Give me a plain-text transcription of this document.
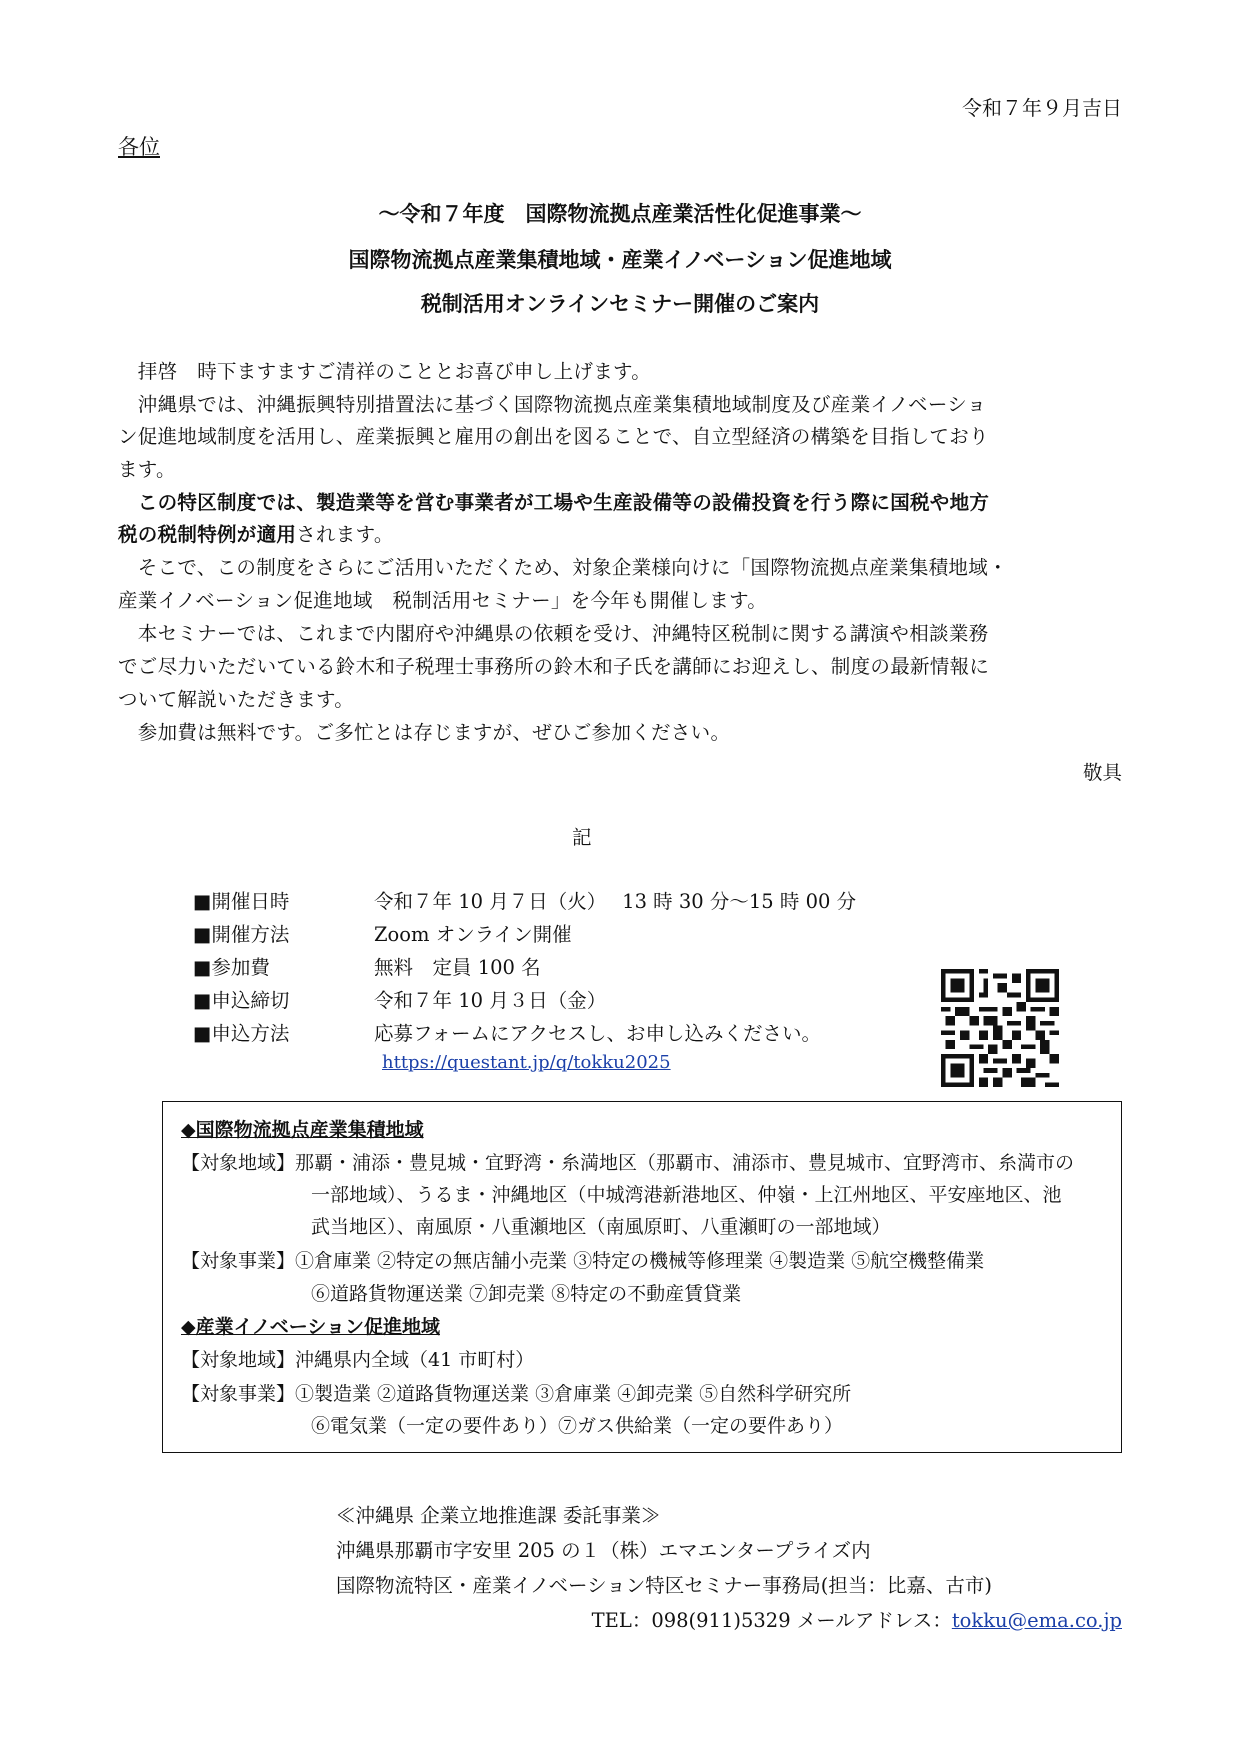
令和７年９月吉日
各位
～令和７年度　国際物流拠点産業活性化促進事業～
国際物流拠点産業集積地域・産業イノベーション促進地域
税制活用オンラインセミナー開催のご案内
　拝啓　時下ますますご清祥のこととお喜び申し上げます。
　沖縄県では、沖縄振興特別措置法に基づく国際物流拠点産業集積地域制度及び産業イノベーショ
ン促進地域制度を活用し、産業振興と雇用の創出を図ることで、自立型経済の構築を目指しており
ます。
　この特区制度では、製造業等を営む事業者が工場や生産設備等の設備投資を行う際に国税や地方
税の税制特例が適用されます。
　そこで、この制度をさらにご活用いただくため、対象企業様向けに「国際物流拠点産業集積地域・
産業イノベーション促進地域　税制活用セミナー」を今年も開催します。
　本セミナーでは、これまで内閣府や沖縄県の依頼を受け、沖縄特区税制に関する講演や相談業務
でご尽力いただいている鈴木和子税理士事務所の鈴木和子氏を講師にお迎えし、制度の最新情報に
ついて解説いただきます。
　参加費は無料です。ご多忙とは存じますが、ぜひご参加ください。
敬具
記
■開催日時	令和７年 10 月７日（火）　 13 時 30 分～15 時 00 分
■開催方法	Zoom オンライン開催
■参加費	無料　定員 100 名
■申込締切	令和７年 10 月３日（金）
■申込方法	応募フォームにアクセスし、お申し込みください。
https://questant.jp/q/tokku2025
◆国際物流拠点産業集積地域
【対象地域】那覇・浦添・豊見城・宜野湾・糸満地区（那覇市、浦添市、豊見城市、宜野湾市、糸満市の
一部地域）、うるま・沖縄地区（中城湾港新港地区、仲嶺・上江州地区、平安座地区、池
武当地区）、南風原・八重瀬地区（南風原町、八重瀬町の一部地域）
【対象事業】①倉庫業 ②特定の無店舗小売業 ③特定の機械等修理業 ④製造業 ⑤航空機整備業
⑥道路貨物運送業 ⑦卸売業 ⑧特定の不動産賃貸業
◆産業イノベーション促進地域
【対象地域】沖縄県内全域（41 市町村）
【対象事業】①製造業 ②道路貨物運送業 ③倉庫業 ④卸売業 ⑤自然科学研究所
⑥電気業（一定の要件あり）⑦ガス供給業（一定の要件あり）
≪沖縄県 企業立地推進課 委託事業≫
沖縄県那覇市字安里 205 の１（株）エマエンタープライズ内
国際物流特区・産業イノベーション特区セミナー事務局(担当：比嘉、古市)
TEL：098(911)5329 メールアドレス：tokku@ema.co.jp
